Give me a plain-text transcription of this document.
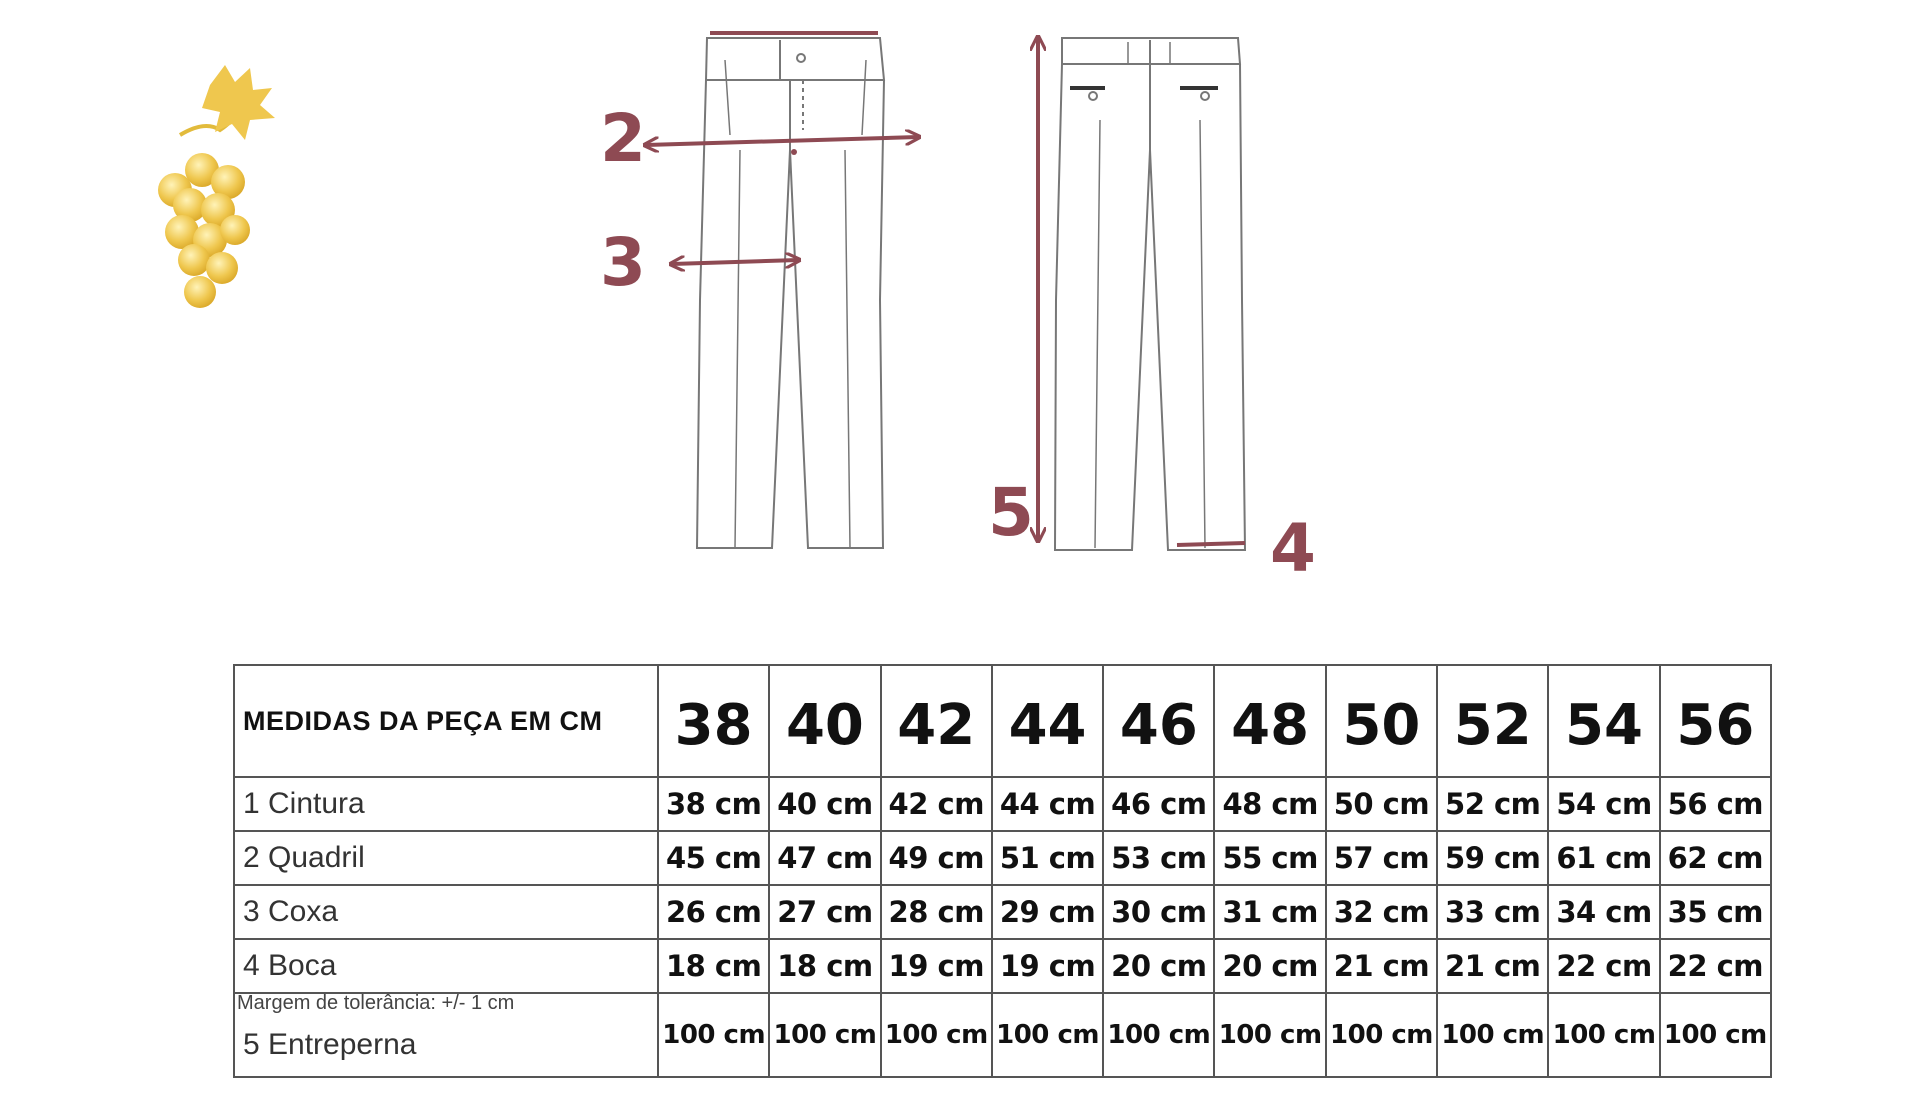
2
3
5	4
MEDIDAS DA PEÇA EM CM	38	40	42	44	46	48	50	52	54	56
1 Cintura	38 cm	40 cm	42 cm	44 cm	46 cm	48 cm	50 cm	52 cm	54 cm	56 cm
2 Quadril	45 cm	47 cm	49 cm	51 cm	53 cm	55 cm	57 cm	59 cm	61 cm	62 cm
3 Coxa	26 cm	27 cm	28 cm	29 cm	30 cm	31 cm	32 cm	33 cm	34 cm	35 cm
4 Boca	18 cm	18 cm	19 cm	19 cm	20 cm	20 cm	21 cm	21 cm	22 cm	22 cm

Margem de tolerância: +/- 1 cm
5 Entreperna	100 cm	100 cm	100 cm	100 cm	100 cm	100 cm	100 cm	100 cm	100 cm	100 cm
